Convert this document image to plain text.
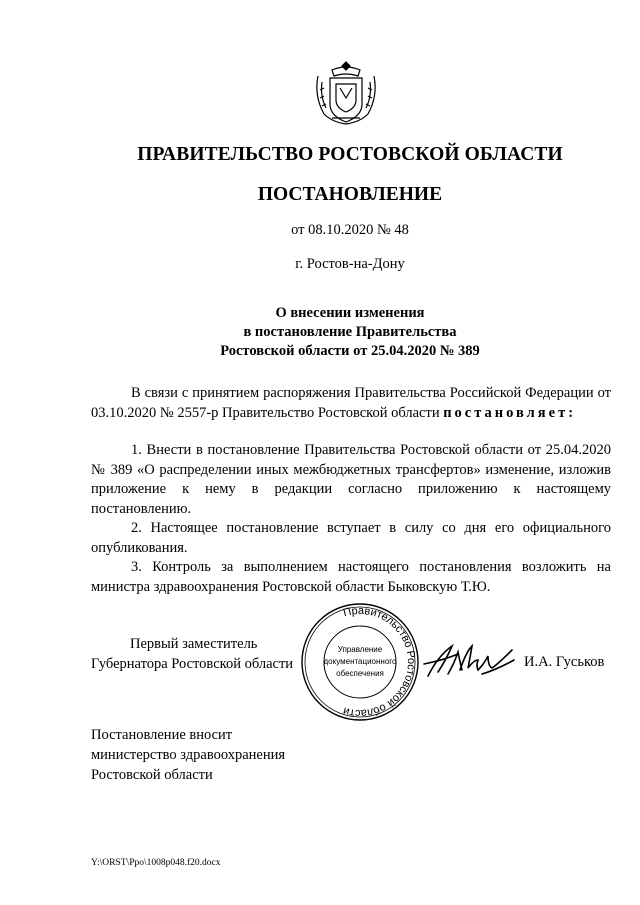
ПРАВИТЕЛЬСТВО РОСТОВСКОЙ ОБЛАСТИ
ПОСТАНОВЛЕНИЕ
от 08.10.2020 № 48
г. Ростов-на-Дону
О внесении изменения
в постановление Правительства
Ростовской области от 25.04.2020 № 389

В связи с принятием распоряжения Правительства Российской Федерации от 03.10.2020 № 2557-р Правительство Ростовской области постановляет:

1. Внести в постановление Правительства Ростовской области от 25.04.2020 № 389 «О распределении иных межбюджетных трансфертов» изменение, изложив приложение к нему в редакции согласно приложению к настоящему постановлению.

2. Настоящее постановление вступает в силу со дня его официального опубликования.

3. Контроль за выполнением настоящего постановления возложить на министра здравоохранения Ростовской области Быковскую Т.Ю.

Первый заместитель
Губернатора Ростовской области
Правительство Ростовской области
Управление
документационного
обеспечения
И.А. Гуськов
Постановление вносит
министерство здравоохранения
Ростовской области
Y:\ORST\Ppo\1008p048.f20.docx
